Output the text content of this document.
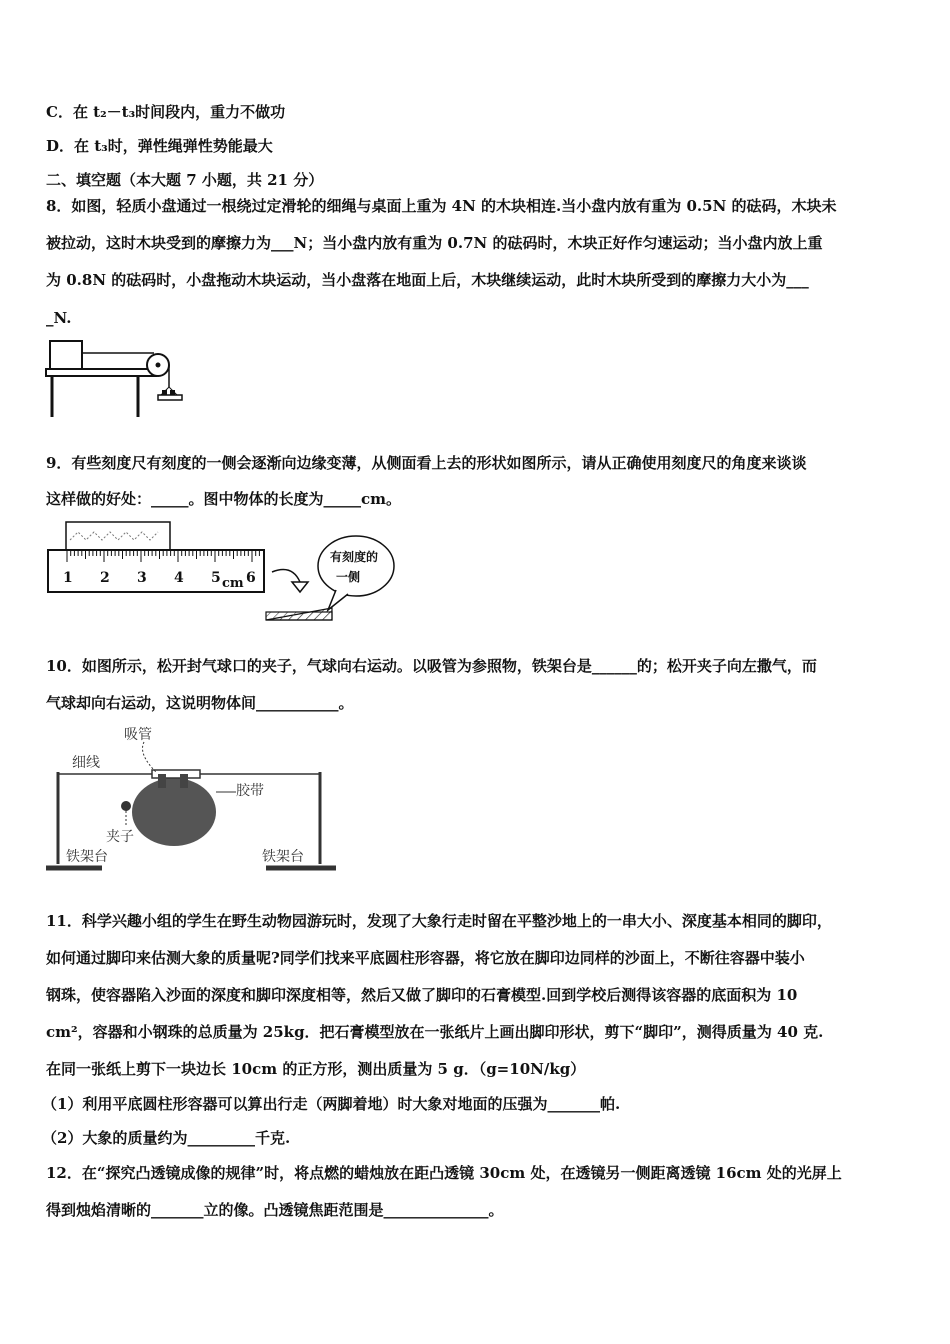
C．在 t₂－t₃时间段内，重力不做功
D．在 t₃时，弹性绳弹性势能最大
二、填空题（本大题 7 小题，共 21 分）
8．如图，轻质小盘通过一根绕过定滑轮的细绳与桌面上重为 4N 的木块相连.当小盘内放有重为 0.5N 的砝码，木块未
被拉动，这时木块受到的摩擦力为___N；当小盘内放有重为 0.7N 的砝码时，木块正好作匀速运动；当小盘内放上重
为 0.8N 的砝码时，小盘拖动木块运动，当小盘落在地面上后，木块继续运动，此时木块所受到的摩擦力大小为___
_N.
9．有些刻度尺有刻度的一侧会逐渐向边缘变薄，从侧面看上去的形状如图所示，请从正确使用刻度尺的角度来谈谈
这样做的好处：_____。图中物体的长度为_____cm。
1 2 3 4 5 6
cm
有刻度的
一侧
10．如图所示，松开封气球口的夹子，气球向右运动。以吸管为参照物，铁架台是______的；松开夹子向左撒气，而
气球却向右运动，这说明物体间___________。
吸管
细线
胶带
夹子
铁架台	铁架台
11．科学兴趣小组的学生在野生动物园游玩时，发现了大象行走时留在平整沙地上的一串大小、深度基本相同的脚印，
如何通过脚印来估测大象的质量呢?同学们找来平底圆柱形容器，将它放在脚印边同样的沙面上，不断往容器中装小
钢珠，使容器陷入沙面的深度和脚印深度相等，然后又做了脚印的石膏模型.回到学校后测得该容器的底面积为 10
cm²，容器和小钢珠的总质量为 25kg．把石膏模型放在一张纸片上画出脚印形状，剪下“脚印”，测得质量为 40 克.
在同一张纸上剪下一块边长 10cm 的正方形，测出质量为 5 g．（g=10N/kg）
（1）利用平底圆柱形容器可以算出行走（两脚着地）时大象对地面的压强为_______帕.
（2）大象的质量约为_________千克.
12．在“探究凸透镜成像的规律”时，将点燃的蜡烛放在距凸透镜 30cm 处，在透镜另一侧距离透镜 16cm 处的光屏上
得到烛焰清晰的_______立的像。凸透镜焦距范围是______________。
